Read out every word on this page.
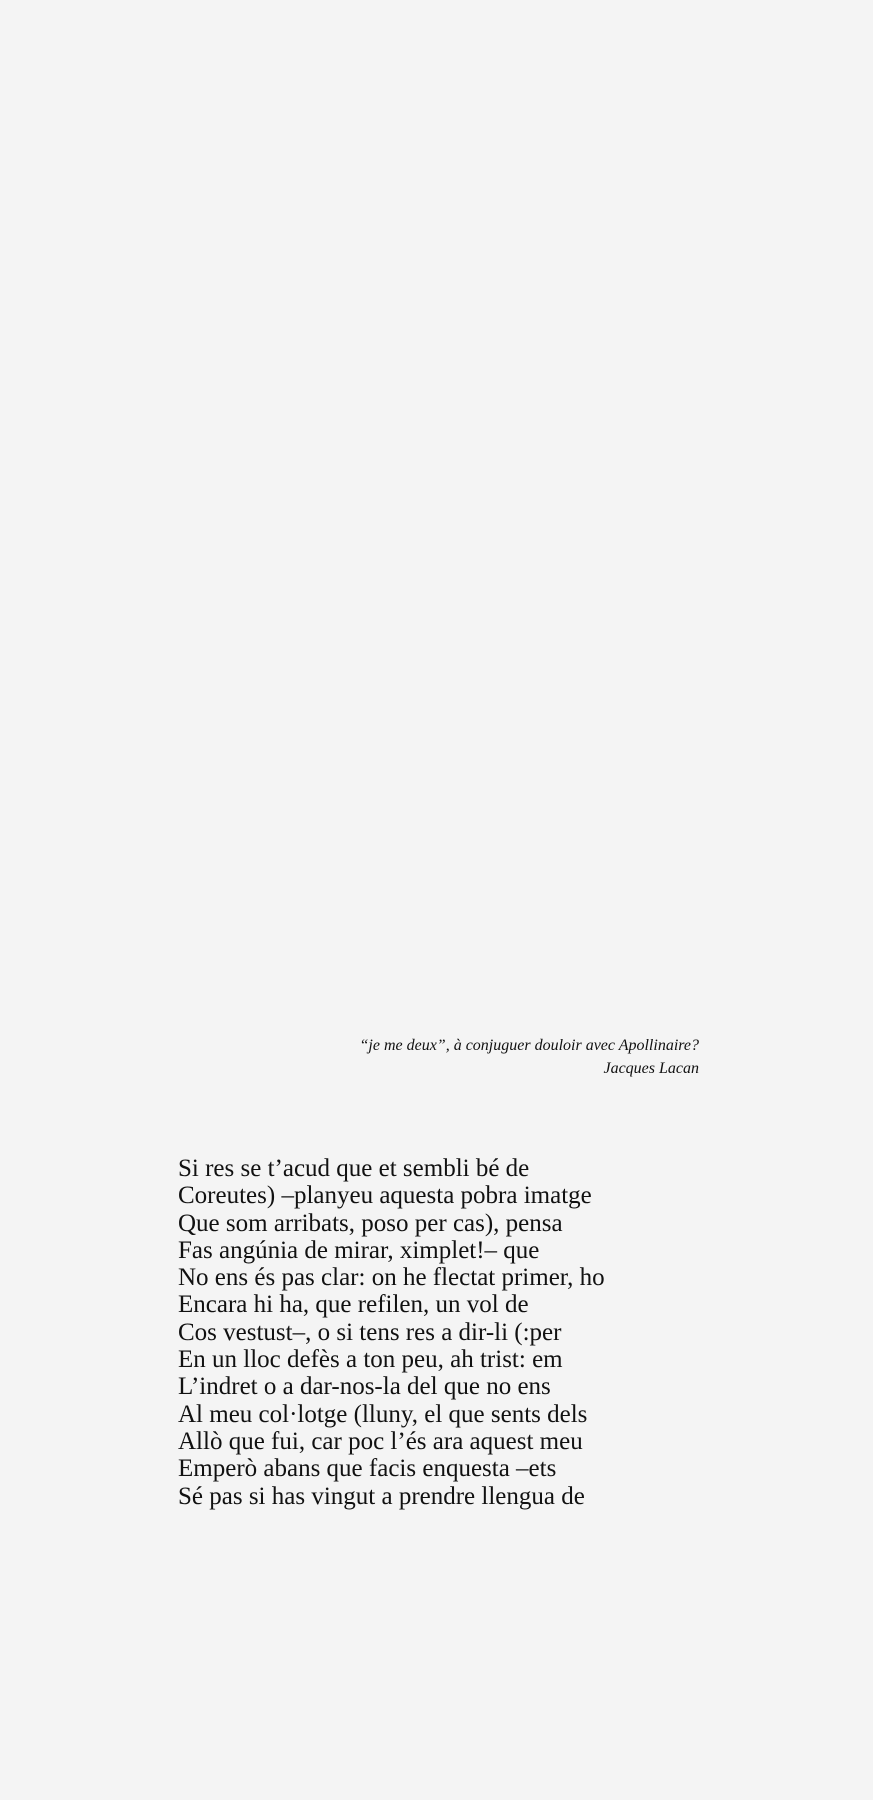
“je me deux”, à conjuguer douloir avec Apollinaire?
Jacques Lacan
Si res se t’acud que et sembli bé de
Coreutes) –planyeu aquesta pobra imatge
Que som arribats, poso per cas), pensa
Fas angúnia de mirar, ximplet!– que
No ens és pas clar: on he flectat primer, ho
Encara hi ha, que refilen, un vol de
Cos vestust–, o si tens res a dir-li (:per
En un lloc defès a ton peu, ah trist: em
L’indret o a dar-nos-la del que no ens
Al meu col·lotge (lluny, el que sents dels
Allò que fui, car poc l’és ara aquest meu
Emperò abans que facis enquesta –ets
Sé pas si has vingut a prendre llengua de
